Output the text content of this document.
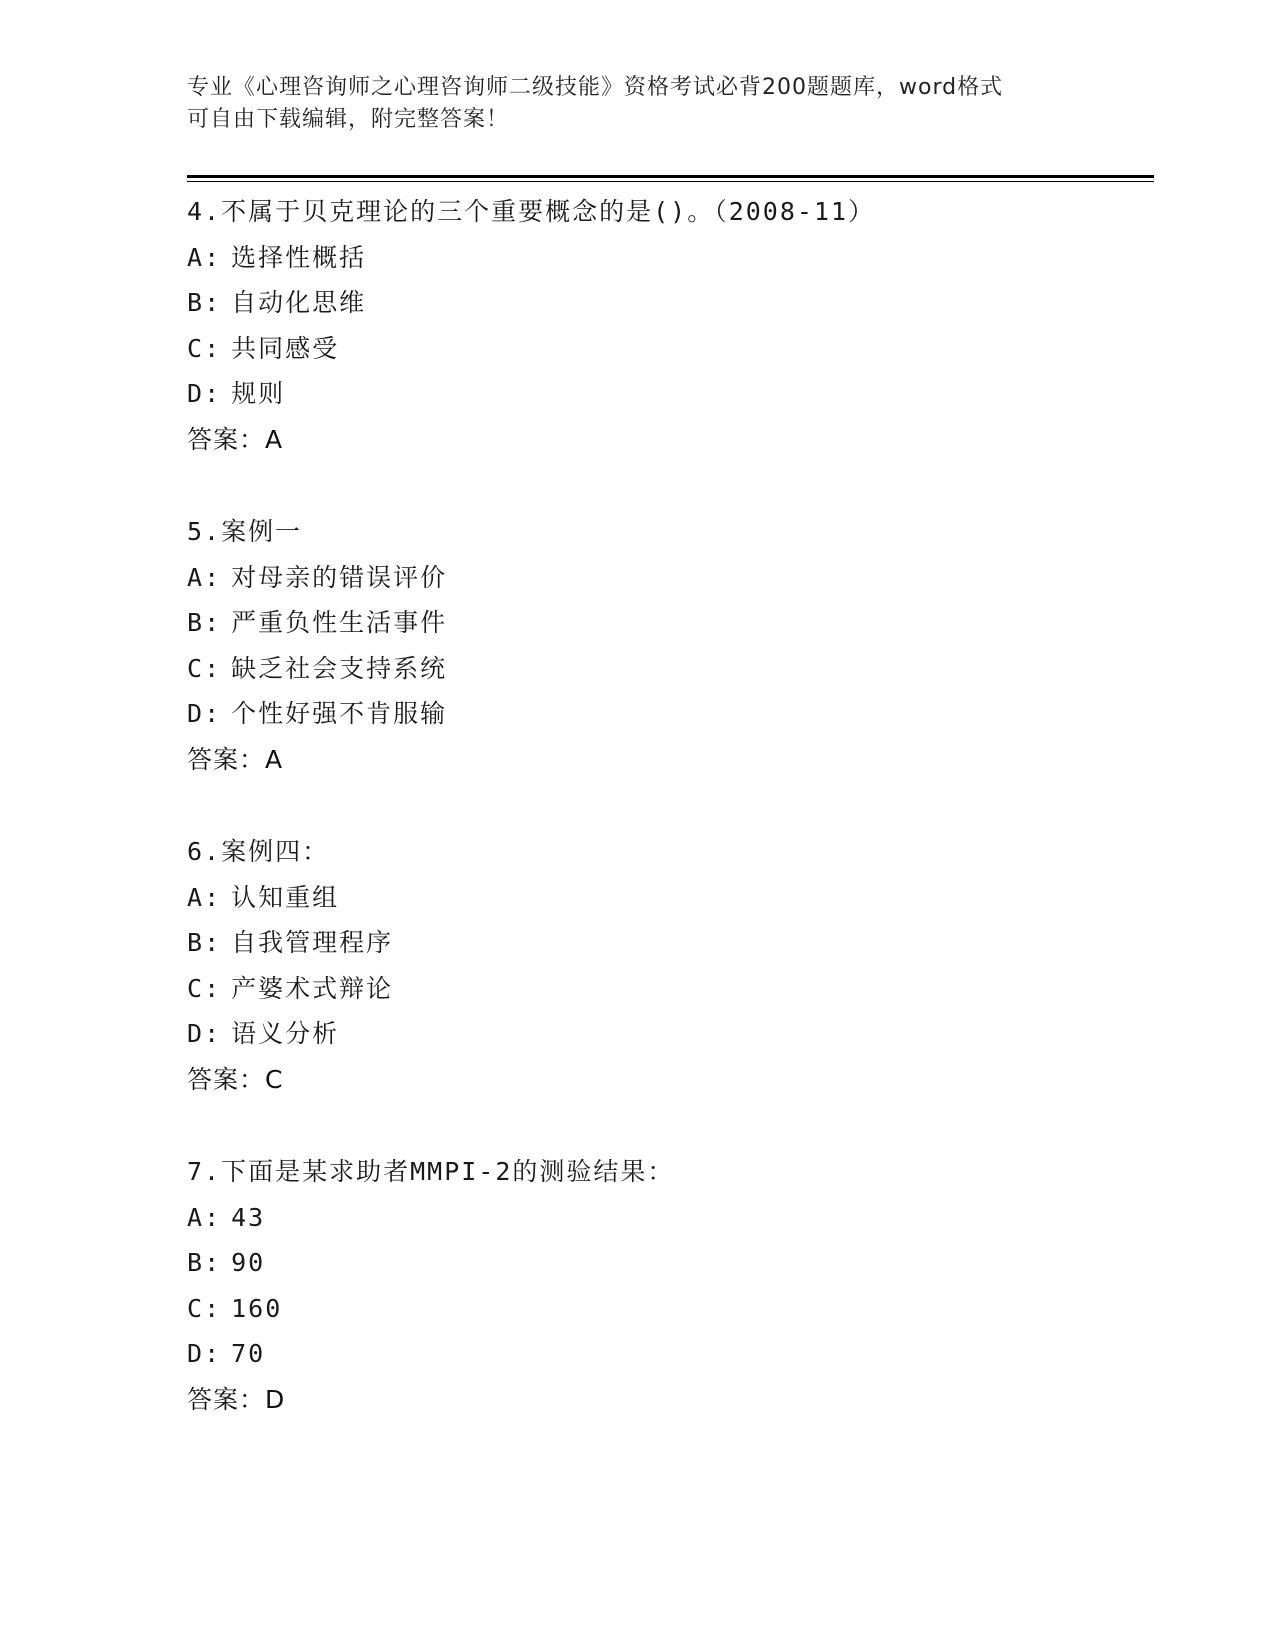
专业《心理咨询师之心理咨询师二级技能》资格考试必背200题题库，word格式
可自由下载编辑，附完整答案！
4.不属于贝克理论的三个重要概念的是()。（2008-11）
A: 选择性概括
B: 自动化思维
C: 共同感受
D: 规则
答案：A
5.案例一
A: 对母亲的错误评价
B: 严重负性生活事件
C: 缺乏社会支持系统
D: 个性好强不肯服输
答案：A
6.案例四：
A: 认知重组
B: 自我管理程序
C: 产婆术式辩论
D: 语义分析
答案：C
7.下面是某求助者MMPI-2的测验结果：
A: 43
B: 90
C: 160
D: 70
答案：D
